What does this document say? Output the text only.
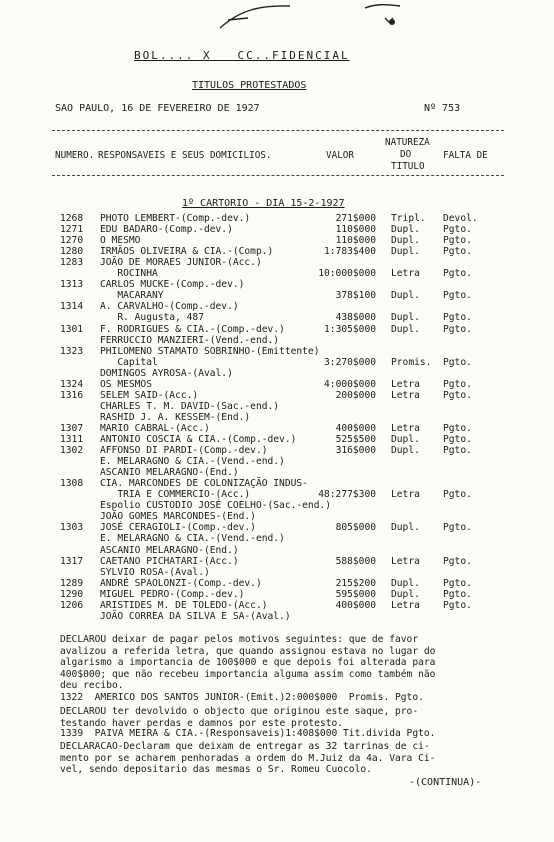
BOL.... X   CC..FIDENCIAL
TITULOS PROTESTADOS
SAO PAULO, 16 DE FEVEREIRO DE 1927	Nº 753
NUMERO. RESPONSAVEIS E SEUS DOMICILIOS.	VALOR
NATUREZA
DO
TITULO
FALTA DE
1º CARTORIO - DIA 15-2-1927
1268 PHOTO LEMBERT-(Comp.-dev.)	271$000 Tripl. Devol.
1271 EDU BADARO-(Comp.-dev.)	110$000 Dupl. Pgto.
1270 O MESMO	110$000 Dupl. Pgto.
1280 IRMÃOS OLIVEIRA & CIA.-(Comp.)	1:783$400 Dupl. Pgto.
1283 JOÃO DE MORAES JUNIOR-(Acc.)
ROCINHA	10:000$000 Letra Pgto.
1313 CARLOS MUCKE-(Comp.-dev.)
MACARANY	378$100 Dupl. Pgto.
1314 A. CARVALHO-(Comp.-dev.)
R. Augusta, 487	438$000 Dupl. Pgto.
1301 F. RODRIGUES & CIA.-(Comp.-dev.)	1:305$000 Dupl. Pgto.
FERRUCCIO MANZIERI-(Vend.-end.)
1323 PHILOMENO STAMATO SOBRINHO-(Emittente)
Capital	3:270$000 Promis. Pgto.
DOMINGOS AYROSA-(Aval.)
1324 OS MESMOS	4:000$000 Letra Pgto.
1316 SELEM SAID-(Acc.)	200$000 Letra Pgto.
CHARLES T. M. DAVID-(Sac.-end.)
RASHID J. A. KESSEM-(End.)
1307 MARIO CABRAL-(Acc.)	400$000 Letra Pgto.
1311 ANTONIO COSCIA & CIA.-(Comp.-dev.)	525$500 Dupl. Pgto.
1302 AFFONSO DI PARDI-(Comp.-dev.)	316$000 Dupl. Pgto.
E. MELARAGNO & CIA.-(Vend.-end.)
ASCANIO MELARAGNO-(End.)
1308 CIA. MARCONDES DE COLONIZAÇÃO INDUS-
TRIA E COMMERCIO-(Acc.)	48:277$300 Letra Pgto.
Espolio CUSTODIO JOSÉ COELHO-(Sac.-end.)
JOÃO GOMES MARCONDES-(End.)
1303 JOSÉ CERAGIOLI-(Comp.-dev.)	805$000 Dupl. Pgto.
E. MELARAGNO & CIA.-(Vend.-end.)
ASCANIO MELARAGNO-(End.)
1317 CAETANO PICHATARI-(Acc.)	588$000 Letra Pgto.
SYLVIO ROSA-(Aval.)
1289 ANDRÉ SPAOLONZI-(Comp.-dev.)	215$200 Dupl. Pgto.
1290 MIGUEL PEDRO-(Comp.-dev.)	595$000 Dupl. Pgto.
1206 ARISTIDES M. DE TOLEDO-(Acc.)	400$000 Letra Pgto.
JOÃO CORREA DA SILVA E SA-(Aval.)
DECLAROU deixar de pagar pelos motivos seguintes: que de favor
avalizou a referida letra, que quando assignou estava no lugar do
algarismo a importancia de 100$000 e que depois foi alterada para
400$000; que não recebeu importancia alguma assim como também não
deu recibo.
1322  AMERICO DOS SANTOS JUNIOR-(Emit.)2:000$000  Promis. Pgto.
DECLAROU ter devolvido o objecto que originou este saque, pro-
testando haver perdas e damnos por este protesto.
1339  PAIVA MEIRA & CIA.-(Responsaveis)1:408$000 Tit.divida Pgto.
DECLARACAO-Declaram que deixam de entregar as 32 tarrinas de ci-
mento por se acharem penhoradas a ordem do M.Juiz da 4a. Vara Ci-
vel, sendo depositario das mesmas o Sr. Romeu Cuocolo.
-(CONTINUA)-
